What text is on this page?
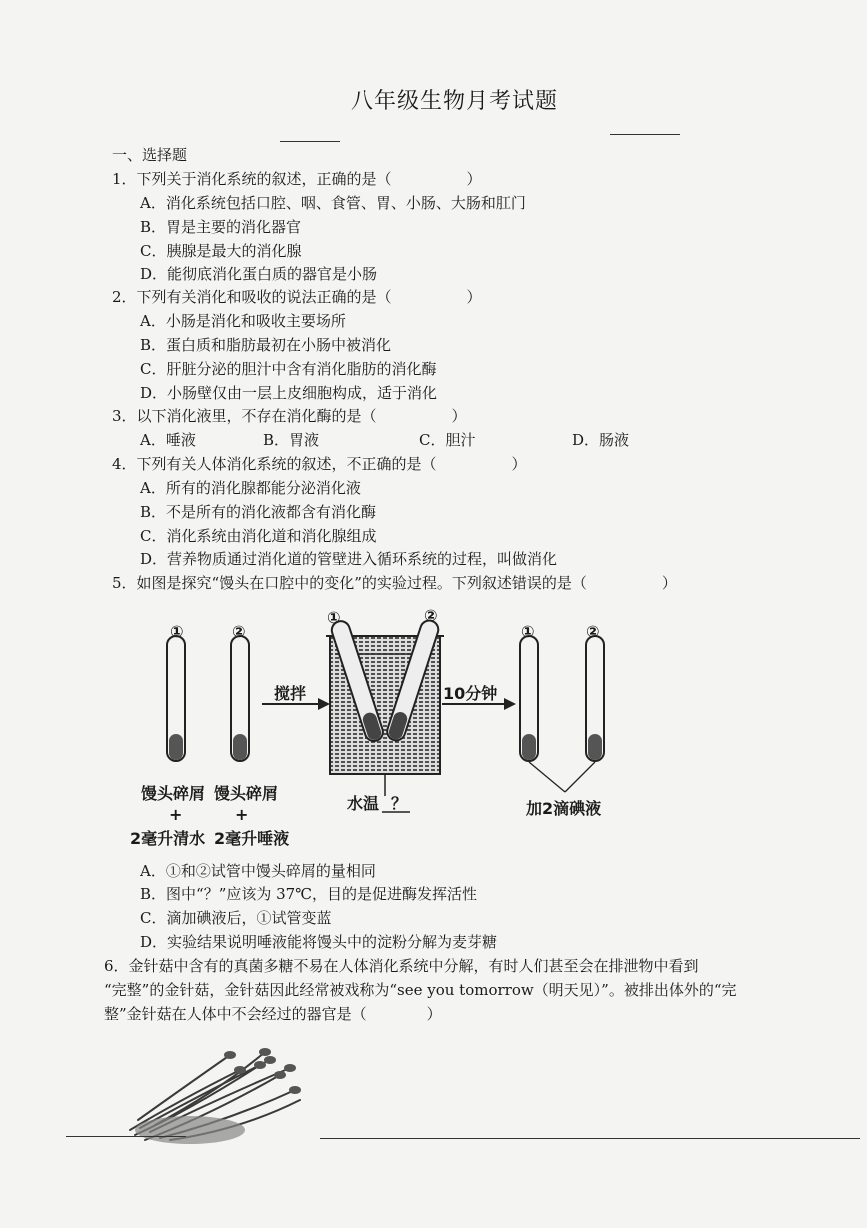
八年级生物月考试题
一、选择题
1．下列关于消化系统的叙述，正确的是（　　　　　）
A．消化系统包括口腔、咽、食管、胃、小肠、大肠和肛门
B．胃是主要的消化器官
C．胰腺是最大的消化腺
D．能彻底消化蛋白质的器官是小肠
2．下列有关消化和吸收的说法正确的是（　　　　　）
A．小肠是消化和吸收主要场所
B．蛋白质和脂肪最初在小肠中被消化
C．肝脏分泌的胆汁中含有消化脂肪的消化酶
D．小肠壁仅由一层上皮细胞构成，适于消化
3．以下消化液里，不存在消化酶的是（　　　　　）
A．唾液	B．胃液	C．胆汁	D．肠液
4．下列有关人体消化系统的叙述，不正确的是（　　　　　）
A．所有的消化腺都能分泌消化液
B．不是所有的消化液都含有消化酶
C．消化系统由消化道和消化腺组成
D．营养物质通过消化道的管壁进入循环系统的过程，叫做消化
5．如图是探究“馒头在口腔中的变化”的实验过程。下列叙述错误的是（　　　　　）
①	②
①	②
①	②
搅拌	10分钟
馒头碎屑 馒头碎屑
+	+
2毫升清水 2毫升唾液
水温 ？	加2滴碘液
A．①和②试管中馒头碎屑的量相同
B．图中“？”应该为 37℃，目的是促进酶发挥活性
C．滴加碘液后，①试管变蓝
D．实验结果说明唾液能将馒头中的淀粉分解为麦芽糖
6．金针菇中含有的真菌多糖不易在人体消化系统中分解，有时人们甚至会在排泄物中看到
“完整”的金针菇，金针菇因此经常被戏称为“see you tomorrow（明天见）”。被排出体外的“完
整”金针菇在人体中不会经过的器官是（　　　　）
